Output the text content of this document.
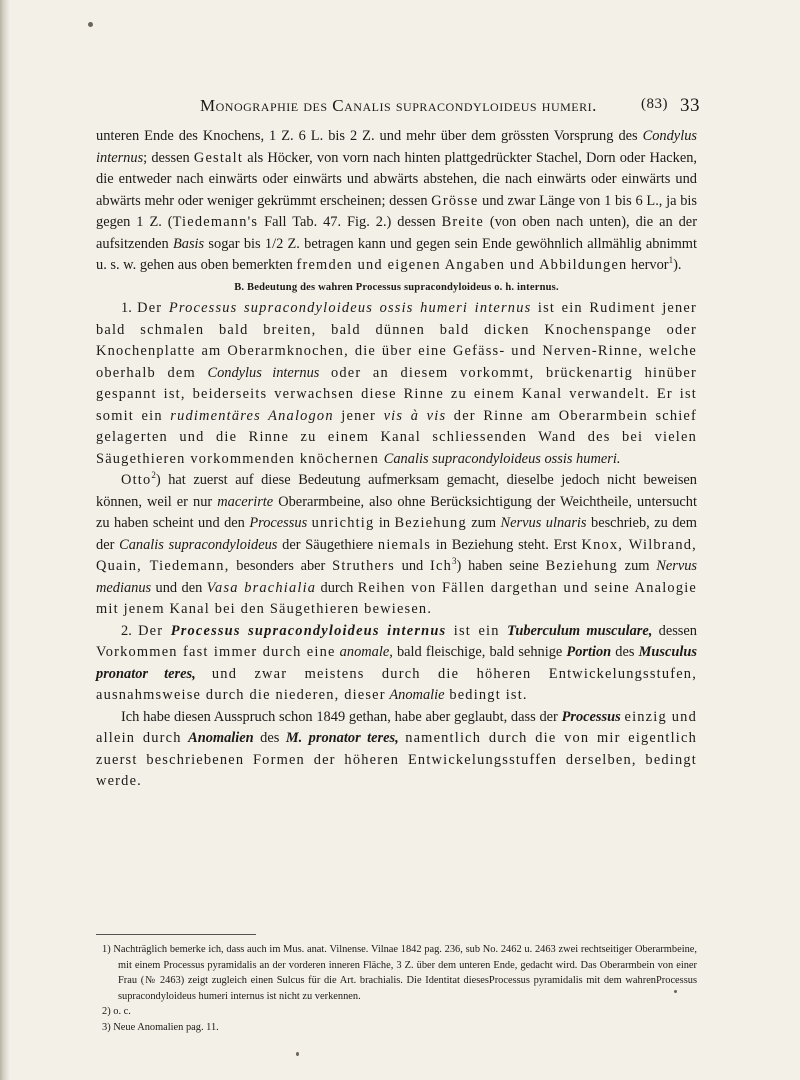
Monographie des Canalis supracondyloideus humeri.	(83) 33

unteren Ende des Knochens, 1 Z. 6 L. bis 2 Z. und mehr über dem grössten Vorsprung des Condylus internus; dessen Gestalt als Höcker, von vorn nach hinten plattgedrückter Stachel, Dorn oder Hacken, die entweder nach einwärts oder einwärts und abwärts abstehen, die nach einwärts oder einwärts und abwärts mehr oder weniger gekrümmt erscheinen; dessen Grösse und zwar Länge von 1 bis 6 L., ja bis gegen 1 Z. (Tiedemann's Fall Tab. 47. Fig. 2.) dessen Breite (von oben nach unten), die an der aufsitzenden Basis sogar bis 1/2 Z. betragen kann und gegen sein Ende gewöhnlich allmählig abnimmt u. s. w. gehen aus oben bemerkten fremden und eigenen Angaben und Abbildungen hervor$^1$).

B. Bedeutung des wahren Processus supracondyloideus o. h. internus.

1. Der Processus supracondyloideus ossis humeri internus ist ein Rudiment jener bald schmalen bald breiten, bald dünnen bald dicken Knochenspange oder Knochenplatte am Oberarmknochen, die über eine Gefäss- und Nerven-Rinne, welche oberhalb dem Condylus internus oder an diesem vorkommt, brückenartig hinüber gespannt ist, beiderseits verwachsen diese Rinne zu einem Kanal verwandelt. Er ist somit ein rudimentäres Analogon jener vis à vis der Rinne am Oberarmbein schief gelagerten und die Rinne zu einem Kanal schliessenden Wand des bei vielen Säugethieren vorkommenden knöchernen Canalis supracondyloideus ossis humeri.

Otto$^2$) hat zuerst auf diese Bedeutung aufmerksam gemacht, dieselbe jedoch nicht beweisen können, weil er nur macerirte Oberarmbeine, also ohne Berücksichtigung der Weichtheile, untersucht zu haben scheint und den Processus unrichtig in Beziehung zum Nervus ulnaris beschrieb, zu dem der Canalis supracondyloideus der Säugethiere niemals in Beziehung steht. Erst Knox, Wilbrand, Quain, Tiedemann, besonders aber Struthers und Ich$^3$) haben seine Beziehung zum Nervus medianus und den Vasa brachialia durch Reihen von Fällen dargethan und seine Analogie mit jenem Kanal bei den Säugethieren bewiesen.

2. Der Processus supracondyloideus internus ist ein Tuberculum musculare, dessen Vorkommen fast immer durch eine anomale, bald fleischige, bald sehnige Portion des Musculus pronator teres, und zwar meistens durch die höheren Entwickelungsstufen, ausnahmsweise durch die niederen, dieser Anomalie bedingt ist.

Ich habe diesen Ausspruch schon 1849 gethan, habe aber geglaubt, dass der Processus einzig und allein durch Anomalien des M. pronator teres, namentlich durch die von mir eigentlich zuerst beschriebenen Formen der höheren Entwickelungsstuffen derselben, bedingt werde.

1) Nachträglich bemerke ich, dass auch im Mus. anat. Vilnense. Vilnae 1842 pag. 236, sub No. 2462 u. 2463 zwei rechtseitiger Oberarmbeine, mit einem Processus pyramidalis an der vorderen inneren Fläche, 3 Z. über dem unteren Ende, gedacht wird. Das Oberarmbein von einer Frau (№ 2463) zeigt zugleich einen Sulcus für die Art. brachialis. Die Identitat diesesProcessus pyramidalis mit dem wahrenProcessus supracondyloideus humeri internus ist nicht zu verkennen.

2) o. c.

3) Neue Anomalien pag. 11.
